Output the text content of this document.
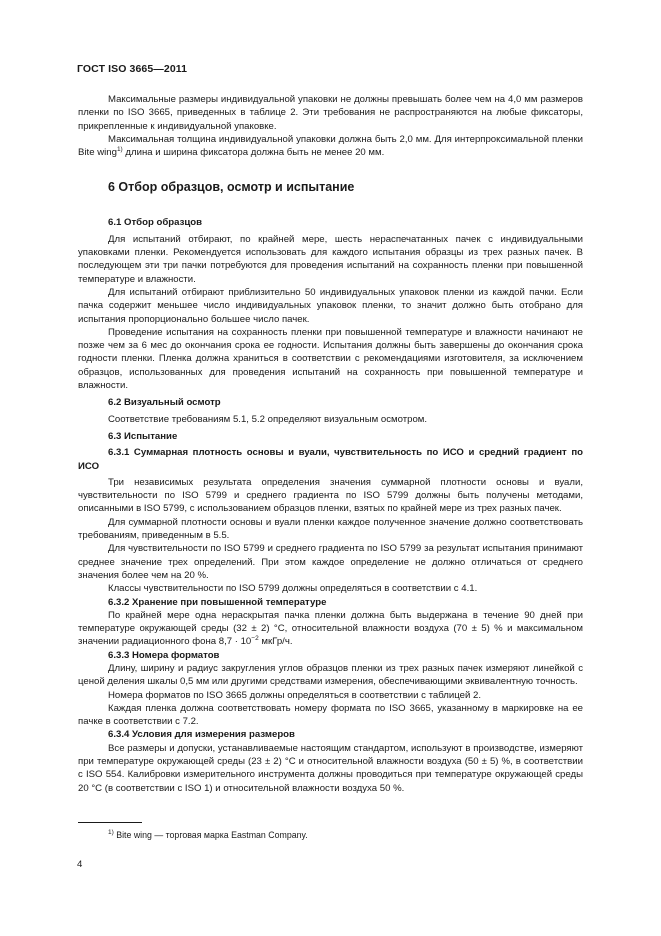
ГОСТ ISO 3665—2011

Максимальные размеры индивидуальной упаковки не должны превышать более чем на 4,0 мм размеров пленки по ISO 3665, приведенных в таблице 2. Эти требования не распространяются на любые фиксаторы, прикрепленные к индивидуальной упаковке.

Максимальная толщина индивидуальной упаковки должна быть 2,0 мм. Для интерпроксимальной пленки Bite wing$^{1)}$ длина и ширина фиксатора должна быть не менее 20 мм.

6 Отбор образцов, осмотр и испытание
6.1 Отбор образцов

Для испытаний отбирают, по крайней мере, шесть нераспечатанных пачек с индивидуальными упаковками пленки. Рекомендуется использовать для каждого испытания образцы из трех разных пачек. В последующем эти три пачки потребуются для проведения испытаний на сохранность пленки при повышенной температуре и влажности.

Для испытаний отбирают приблизительно 50 индивидуальных упаковок пленки из каждой пачки. Если пачка содержит меньшее число индивидуальных упаковок пленки, то значит должно быть отобрано для испытания пропорционально большее число пачек.

Проведение испытания на сохранность пленки при повышенной температуре и влажности начинают не позже чем за 6 мес до окончания срока ее годности. Испытания должны быть завершены до окончания срока годности пленки. Пленка должна храниться в соответствии с рекомендациями изготовителя, за исключением образцов, использованных для проведения испытаний на сохранность при повышенной температуре и влажности.

6.2 Визуальный осмотр

Соответствие требованиям 5.1, 5.2 определяют визуальным осмотром.

6.3 Испытание
6.3.1 Суммарная плотность основы и вуали, чувствительность по ИСО и средний градиент по ИСО

Три независимых результата определения значения суммарной плотности основы и вуали, чувствительности по ISO 5799 и среднего градиента по ISO 5799 должны быть получены методами, описанными в ISO 5799, с использованием образцов пленки, взятых по крайней мере из трех разных пачек.

Для суммарной плотности основы и вуали пленки каждое полученное значение должно соответствовать требованиям, приведенным в 5.5.

Для чувствительности по ISO 5799 и среднего градиента по ISO 5799 за результат испытания принимают среднее значение трех определений. При этом каждое определение не должно отличаться от среднего значения более чем на 20 %.

Классы чувствительности по ISO 5799 должны определяться в соответствии с 4.1.

6.3.2 Хранение при повышенной температуре

По крайней мере одна нераскрытая пачка пленки должна быть выдержана в течение 90 дней при температуре окружающей среды (32 ± 2) °С, относительной влажности воздуха (70 ± 5) % и максимальном значении радиационного фона $8,7 \cdot 10^{-2}$ мкГр/ч.

6.3.3 Номера форматов

Длину, ширину и радиус закругления углов образцов пленки из трех разных пачек измеряют линейкой с ценой деления шкалы 0,5 мм или другими средствами измерения, обеспечивающими эквивалентную точность.

Номера форматов по ISO 3665 должны определяться в соответствии с таблицей 2.

Каждая пленка должна соответствовать номеру формата по ISO 3665, указанному в маркировке на ее пачке в соответствии с 7.2.

6.3.4 Условия для измерения размеров

Все размеры и допуски, устанавливаемые настоящим стандартом, используют в производстве, измеряют при температуре окружающей среды (23 ± 2) °С и относительной влажности воздуха (50 ± 5) %, в соответствии с ISO 554. Калибровки измерительного инструмента должны проводиться при температуре окружающей среды 20 °С (в соответствии с ISO 1) и относительной влажности воздуха 50 %.

$^{1)}$ Bite wing — торговая марка Eastman Company.
4
